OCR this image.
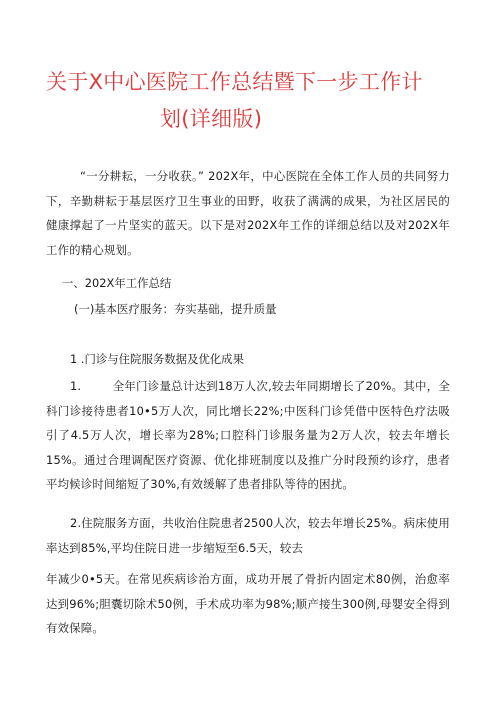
关于X中心医院工作总结暨下一步工作计
划(详细版)
“一分耕耘，一分收获。” 202X年，中心医院在全体工作人员的共同努力下，辛勤耕耘于基层医疗卫生事业的田野，收获了满满的成果，为社区居民的健康撑起了一片坚实的蓝天。以下是对202X年工作的详细总结以及对202X年工作的精心规划。
一、202X年工作总结
(一)基本医疗服务：夯实基础，提升质量
1 .门诊与住院服务数据及优化成果
1.        全年门诊量总计达到18万人次,较去年同期增长了20%。其中，全科门诊接待患者10•5万人次，同比增长22%;中医科门诊凭借中医特色疗法吸引了4.5万人次，增长率为28%;口腔科门诊服务量为2万人次，较去年增长15%。通过合理调配医疗资源、优化排班制度以及推广分时段预约诊疗，患者平均候诊时间缩短了30%,有效缓解了患者排队等待的困扰。
2.住院服务方面，共收治住院患者2500人次，较去年增长25%。病床使用率达到85%,平均住院日进一步缩短至6.5天，较去
年减少0•5天。在常见疾病诊治方面，成功开展了骨折内固定术80例，治愈率达到96%;胆囊切除术50例，手术成功率为98%;顺产接生300例,母婴安全得到有效保障。
